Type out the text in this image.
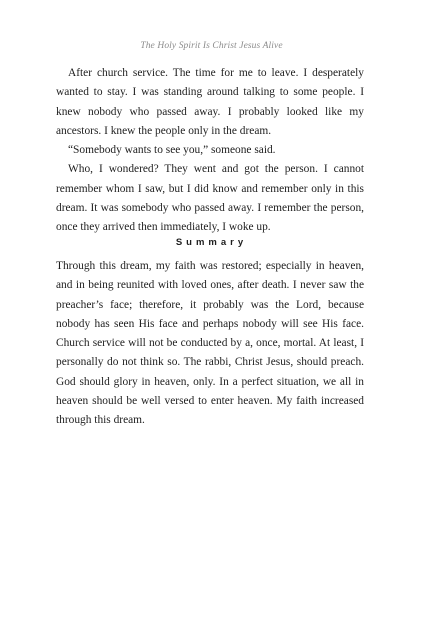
The Holy Spirit Is Christ Jesus Alive

After church service. The time for me to leave. I desperately wanted to stay. I was standing around talking to some people. I knew nobody who passed away. I probably looked like my ancestors. I knew the people only in the dream.

“Somebody wants to see you,” someone said.

Who, I wondered? They went and got the person. I cannot remember whom I saw, but I did know and remember only in this dream. It was somebody who passed away. I remember the person, once they arrived then immediately, I woke up.

Summary

Through this dream, my faith was restored; especially in heaven, and in being reunited with loved ones, after death. I never saw the preacher’s face; therefore, it probably was the Lord, because nobody has seen His face and perhaps nobody will see His face. Church service will not be conducted by a, once, mortal. At least, I personally do not think so. The rabbi, Christ Jesus, should preach. God should glory in heaven, only. In a perfect situation, we all in heaven should be well versed to enter heaven. My faith increased through this dream.
